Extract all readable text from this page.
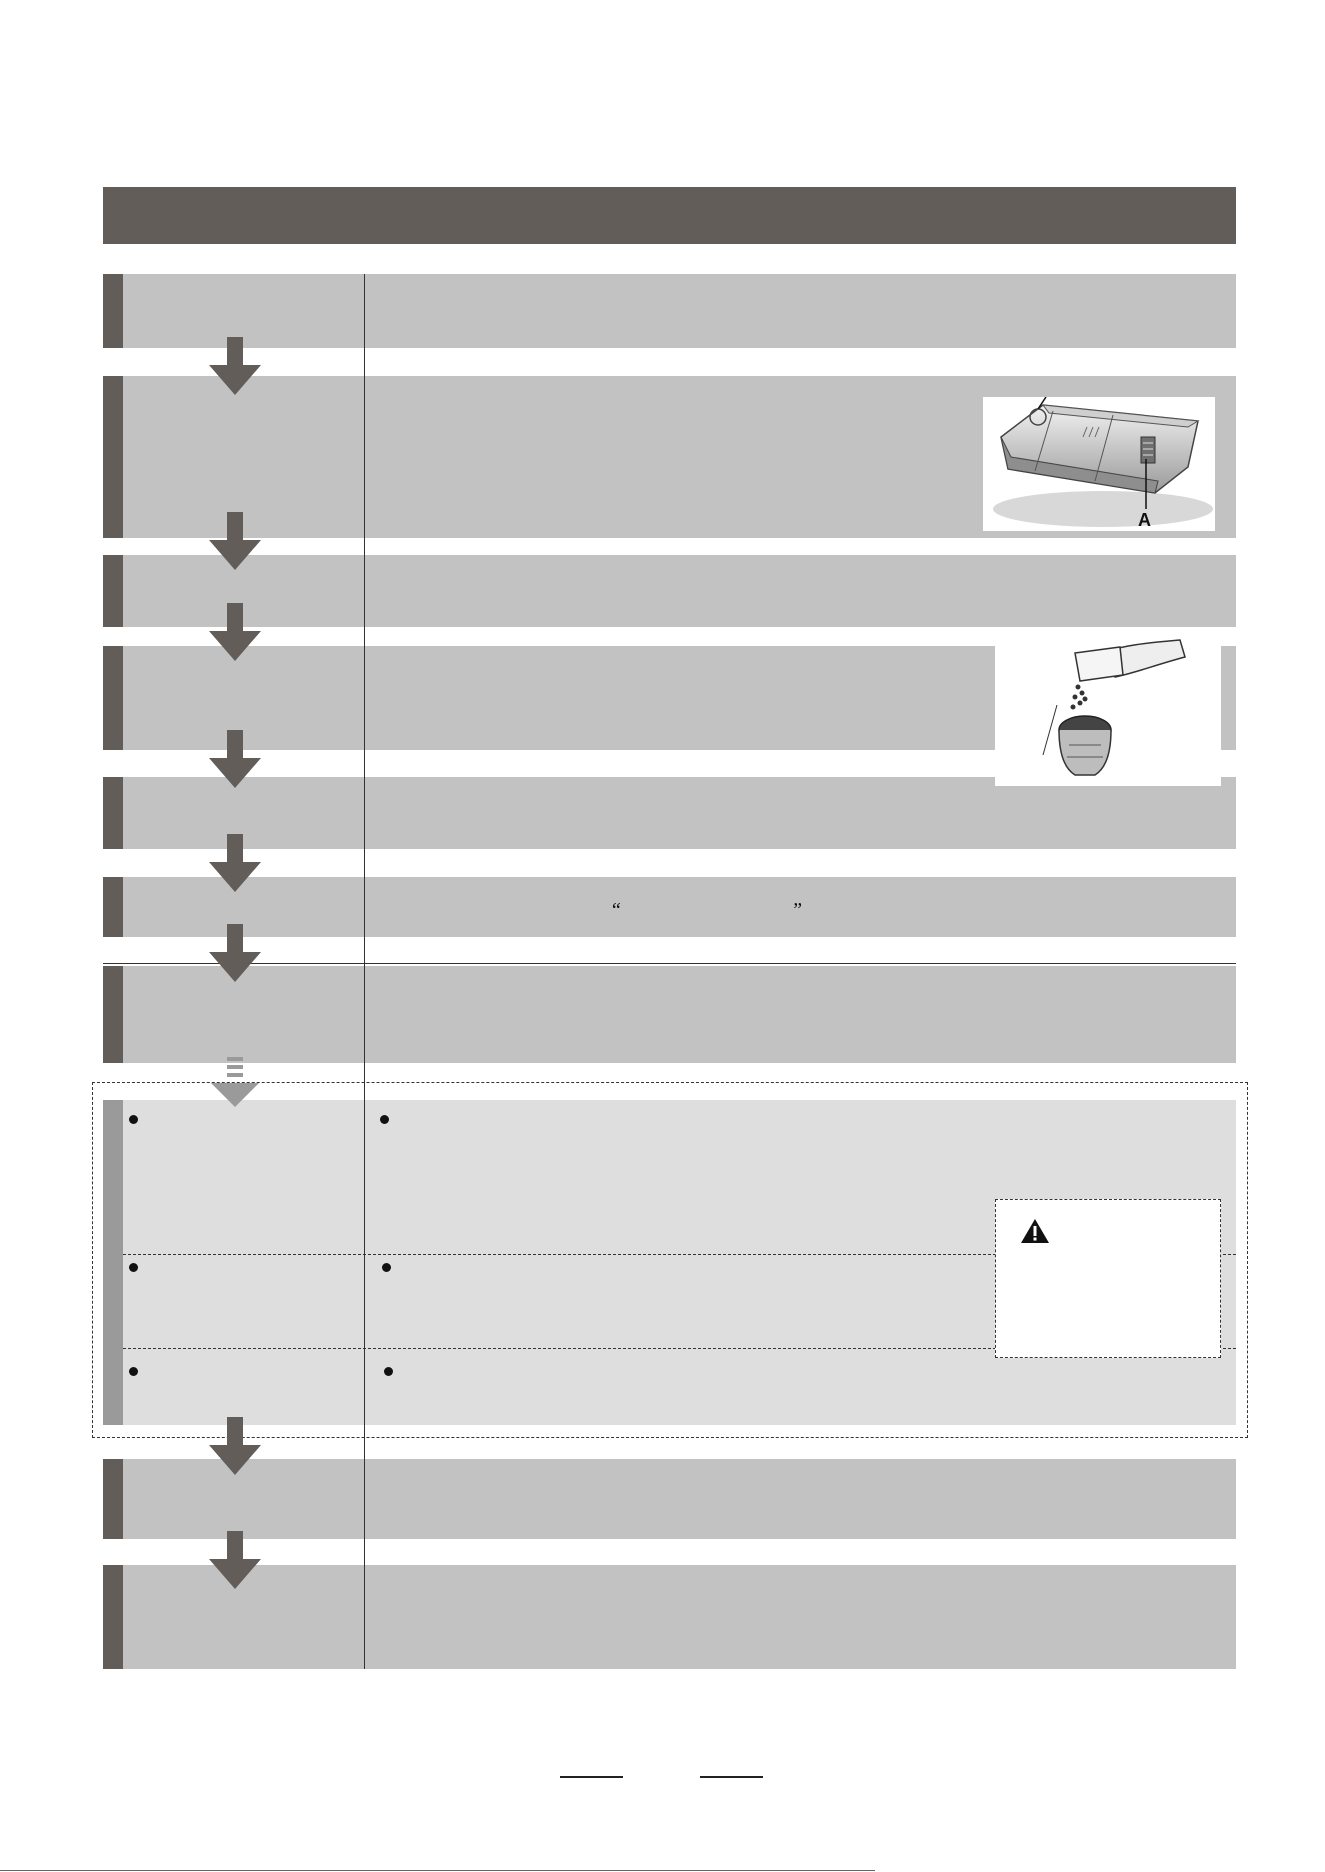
A
“	”
